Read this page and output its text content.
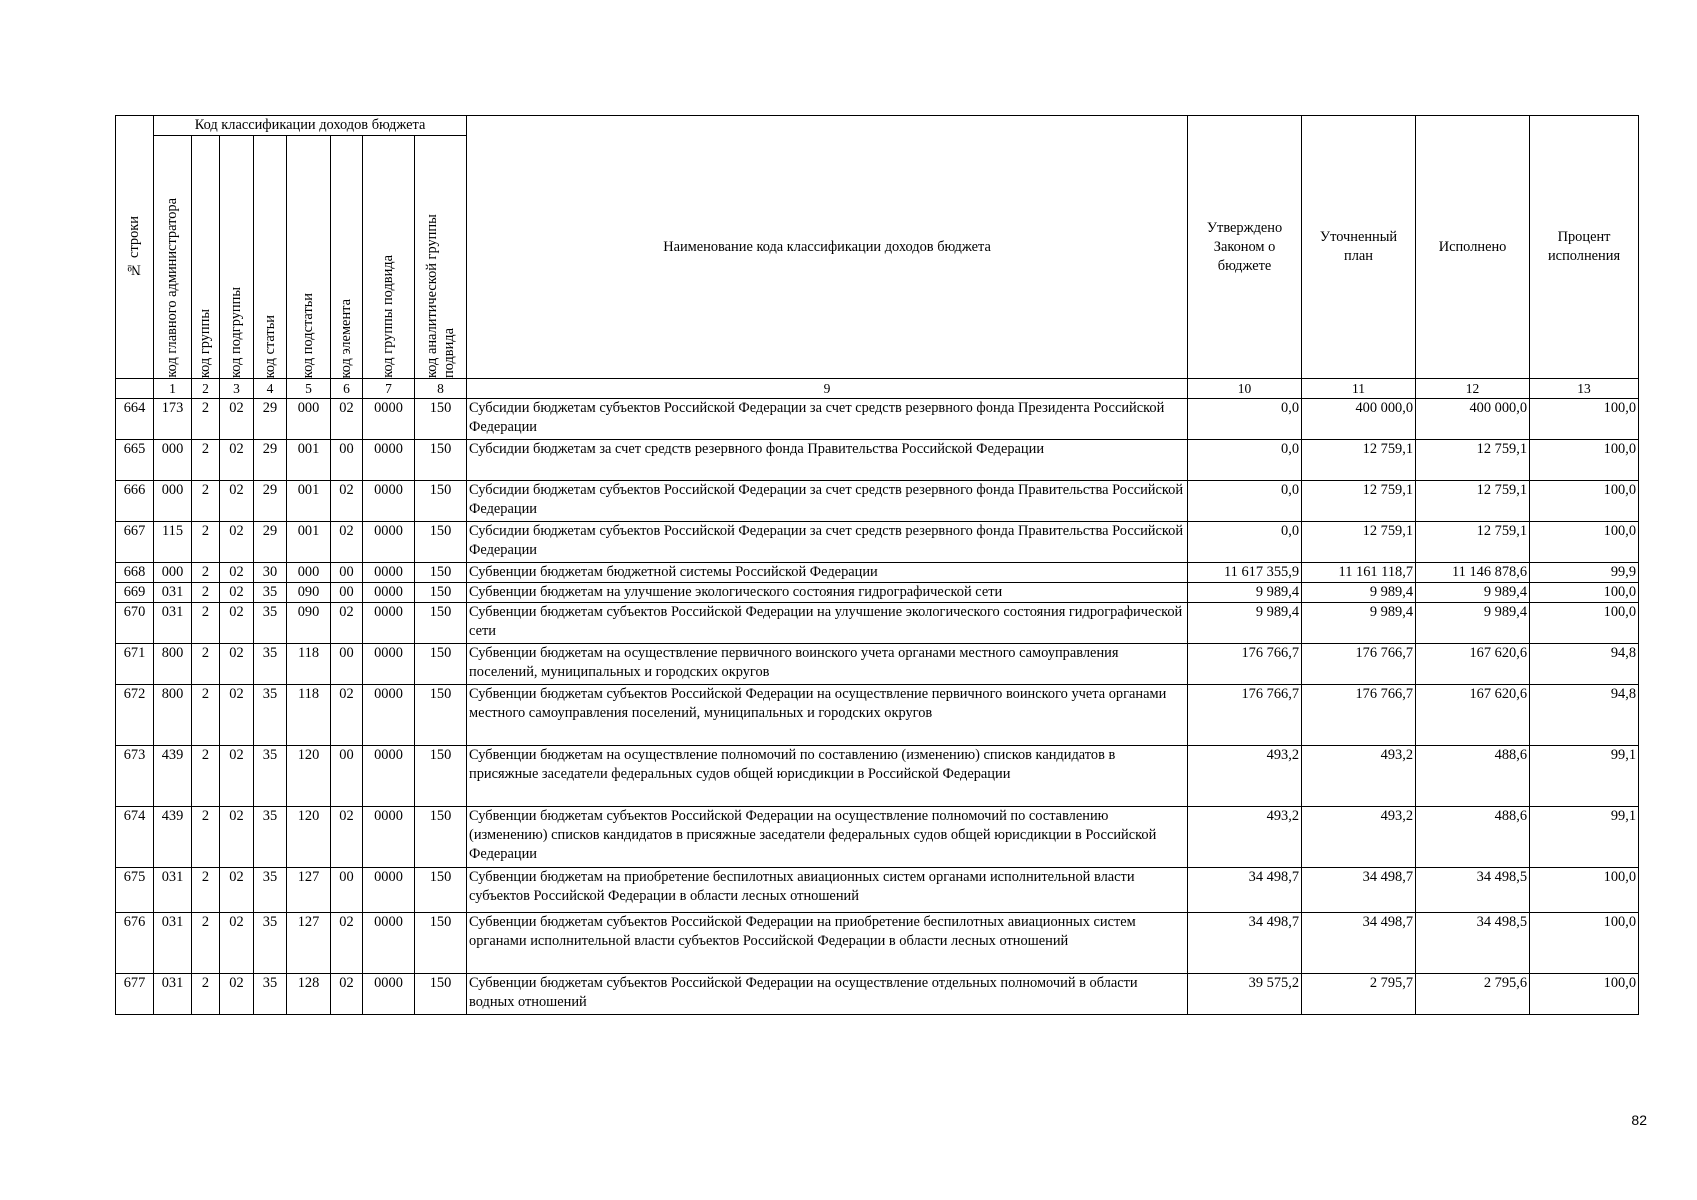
№ строки	Код классификации доходов бюджета								Наименование кода классификации доходов бюджета	Утверждено Законом о бюджете	Уточненный план	Исполнено	Процент исполнения

	код главного администратора	код группы	код подгруппы	код статьи	код подстатьи	код элемента	код группы подвида	код аналитической группы подвида					

	1	2	3	4	5	6	7	8	9	10	11	12	13
664	173	2	02	29	000	02	0000	150	Субсидии бюджетам субъектов Российской Федерации за счет средств резервного фонда Президента Российской Федерации	0,0	400 000,0	400 000,0	100,0
665	000	2	02	29	001	00	0000	150	Субсидии бюджетам за счет средств резервного фонда Правительства Российской Федерации	0,0	12 759,1	12 759,1	100,0
666	000	2	02	29	001	02	0000	150	Субсидии бюджетам субъектов Российской Федерации за счет средств резервного фонда Правительства Российской Федерации	0,0	12 759,1	12 759,1	100,0
667	115	2	02	29	001	02	0000	150	Субсидии бюджетам субъектов Российской Федерации за счет средств резервного фонда Правительства Российской Федерации	0,0	12 759,1	12 759,1	100,0
668	000	2	02	30	000	00	0000	150	Субвенции бюджетам бюджетной системы Российской Федерации	11 617 355,9	11 161 118,7	11 146 878,6	99,9
669	031	2	02	35	090	00	0000	150	Субвенции бюджетам на улучшение экологического состояния гидрографической сети	9 989,4	9 989,4	9 989,4	100,0
670	031	2	02	35	090	02	0000	150	Субвенции бюджетам субъектов Российской Федерации на улучшение экологического состояния гидрографической сети	9 989,4	9 989,4	9 989,4	100,0
671	800	2	02	35	118	00	0000	150	Субвенции бюджетам на осуществление первичного воинского учета органами местного самоуправления поселений, муниципальных и городских округов	176 766,7	176 766,7	167 620,6	94,8
672	800	2	02	35	118	02	0000	150	Субвенции бюджетам субъектов Российской Федерации на осуществление первичного воинского учета органами местного самоуправления поселений, муниципальных и городских округов	176 766,7	176 766,7	167 620,6	94,8
673	439	2	02	35	120	00	0000	150	Субвенции бюджетам на осуществление полномочий по составлению (изменению) списков кандидатов в присяжные заседатели федеральных судов общей юрисдикции в Российской Федерации	493,2	493,2	488,6	99,1
674	439	2	02	35	120	02	0000	150	Субвенции бюджетам субъектов Российской Федерации на осуществление полномочий по составлению (изменению) списков кандидатов в присяжные заседатели федеральных судов общей юрисдикции в Российской Федерации	493,2	493,2	488,6	99,1
675	031	2	02	35	127	00	0000	150	Субвенции бюджетам на приобретение беспилотных авиационных систем органами исполнительной власти субъектов Российской Федерации в области лесных отношений	34 498,7	34 498,7	34 498,5	100,0
676	031	2	02	35	127	02	0000	150	Субвенции бюджетам субъектов Российской Федерации на приобретение беспилотных авиационных систем органами исполнительной власти субъектов Российской Федерации в области лесных отношений	34 498,7	34 498,7	34 498,5	100,0
677	031	2	02	35	128	02	0000	150	Субвенции бюджетам субъектов Российской Федерации на осуществление отдельных полномочий в области водных отношений	39 575,2	2 795,7	2 795,6	100,0
82
